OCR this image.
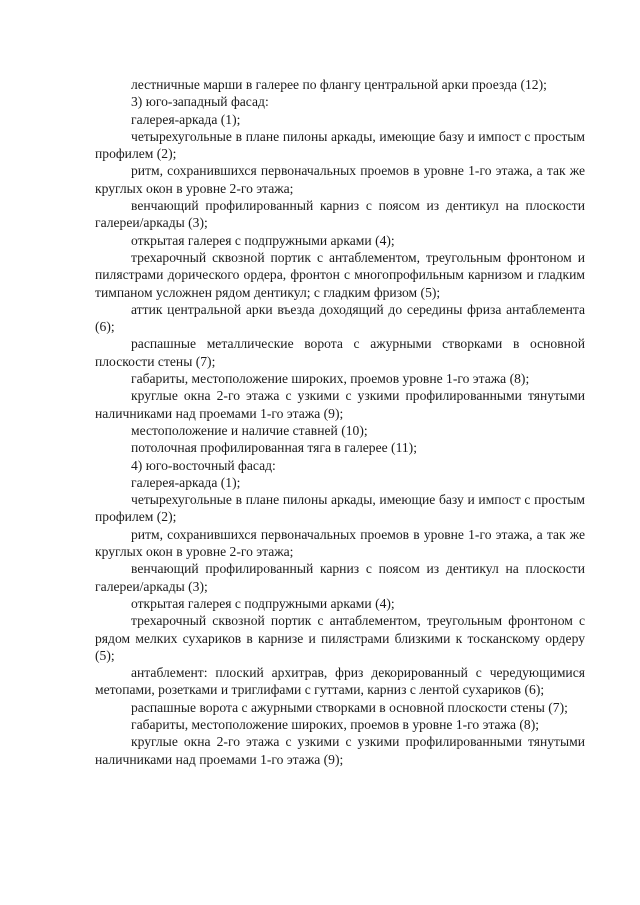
лестничные марши в галерее по флангу центральной арки проезда (12);

3) юго-западный фасад:

галерея-аркада (1);

четырехугольные в плане пилоны аркады, имеющие базу и импост с простым профилем (2);

ритм, сохранившихся первоначальных проемов в уровне 1-го этажа, а так же круглых окон в уровне 2-го этажа;

венчающий профилированный карниз с поясом из дентикул на плоскости галереи/аркады (3);

открытая галерея с подпружными арками (4);

трехарочный сквозной портик с антаблементом, треугольным фронтоном и пилястрами дорического ордера, фронтон с многопрофильным карнизом и гладким тимпаном усложнен рядом дентикул; с гладким фризом (5);

аттик центральной арки въезда доходящий до середины фриза антаблемента (6);

распашные металлические ворота с ажурными створками в основной плоскости стены (7);

габариты, местоположение широких, проемов уровне 1-го этажа (8);

круглые окна 2-го этажа с узкими с узкими профилированными тянутыми наличниками над проемами 1-го этажа (9);

местоположение и наличие ставней (10);

потолочная профилированная тяга в галерее (11);

4) юго-восточный фасад:

галерея-аркада (1);

четырехугольные в плане пилоны аркады, имеющие базу и импост с простым профилем (2);

ритм, сохранившихся первоначальных проемов в уровне 1-го этажа, а так же круглых окон в уровне 2-го этажа;

венчающий профилированный карниз с поясом из дентикул на плоскости галереи/аркады (3);

открытая галерея с подпружными арками (4);

трехарочный сквозной портик с антаблементом, треугольным фронтоном с рядом мелких сухариков в карнизе и пилястрами близкими к тосканскому ордеру (5);

антаблемент: плоский архитрав, фриз декорированный с чередующимися метопами, розетками и триглифами с гуттами, карниз с лентой сухариков (6);

распашные ворота с ажурными створками в основной плоскости стены (7);

габариты, местоположение широких, проемов в уровне 1-го этажа (8);

круглые окна 2-го этажа с узкими с узкими профилированными тянутыми наличниками над проемами 1-го этажа (9);
